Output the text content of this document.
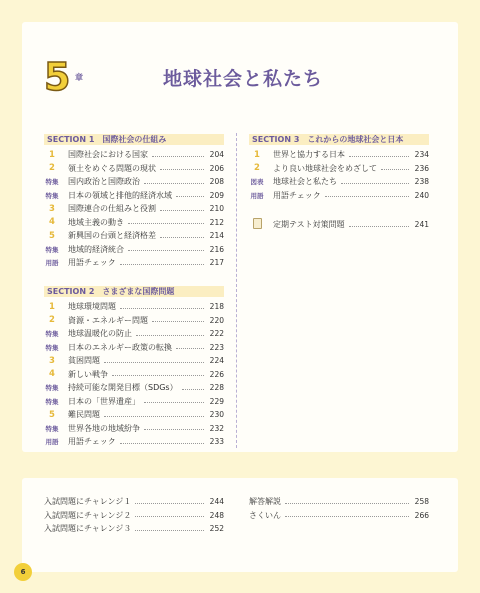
5 章	地球社会と私たち
SECTION 1 国際社会の仕組み
1	国際社会における国家	204
2	領土をめぐる問題の現状	206
特集 国内政治と国際政治	208
特集 日本の領域と排他的経済水域	209
3	国際連合の仕組みと役割	210
4	地域主義の動き	212
5	新興国の台頭と経済格差	214
特集 地域的経済統合	216
用語 用語チェック	217
SECTION 2 さまざまな国際問題
1	地球環境問題	218
2	資源・エネルギー問題	220
特集 地球温暖化の防止	222
特集 日本のエネルギー政策の転換	223
3	貧困問題	224
4	新しい戦争	226
特集 持続可能な開発目標（SDGs）	228
特集 日本の「世界遺産」	229
5	難民問題	230
特集 世界各地の地域紛争	232
用語 用語チェック	233
SECTION 3 これからの地球社会と日本
1	世界と協力する日本	234
2	より良い地球社会をめざして	236
図表 地球社会と私たち	238
用語 用語チェック	240
定期テスト対策問題	241
入試問題にチャレンジ１	244
入試問題にチャレンジ２	248
入試問題にチャレンジ３	252
解答解説	258
さくいん	266
6
